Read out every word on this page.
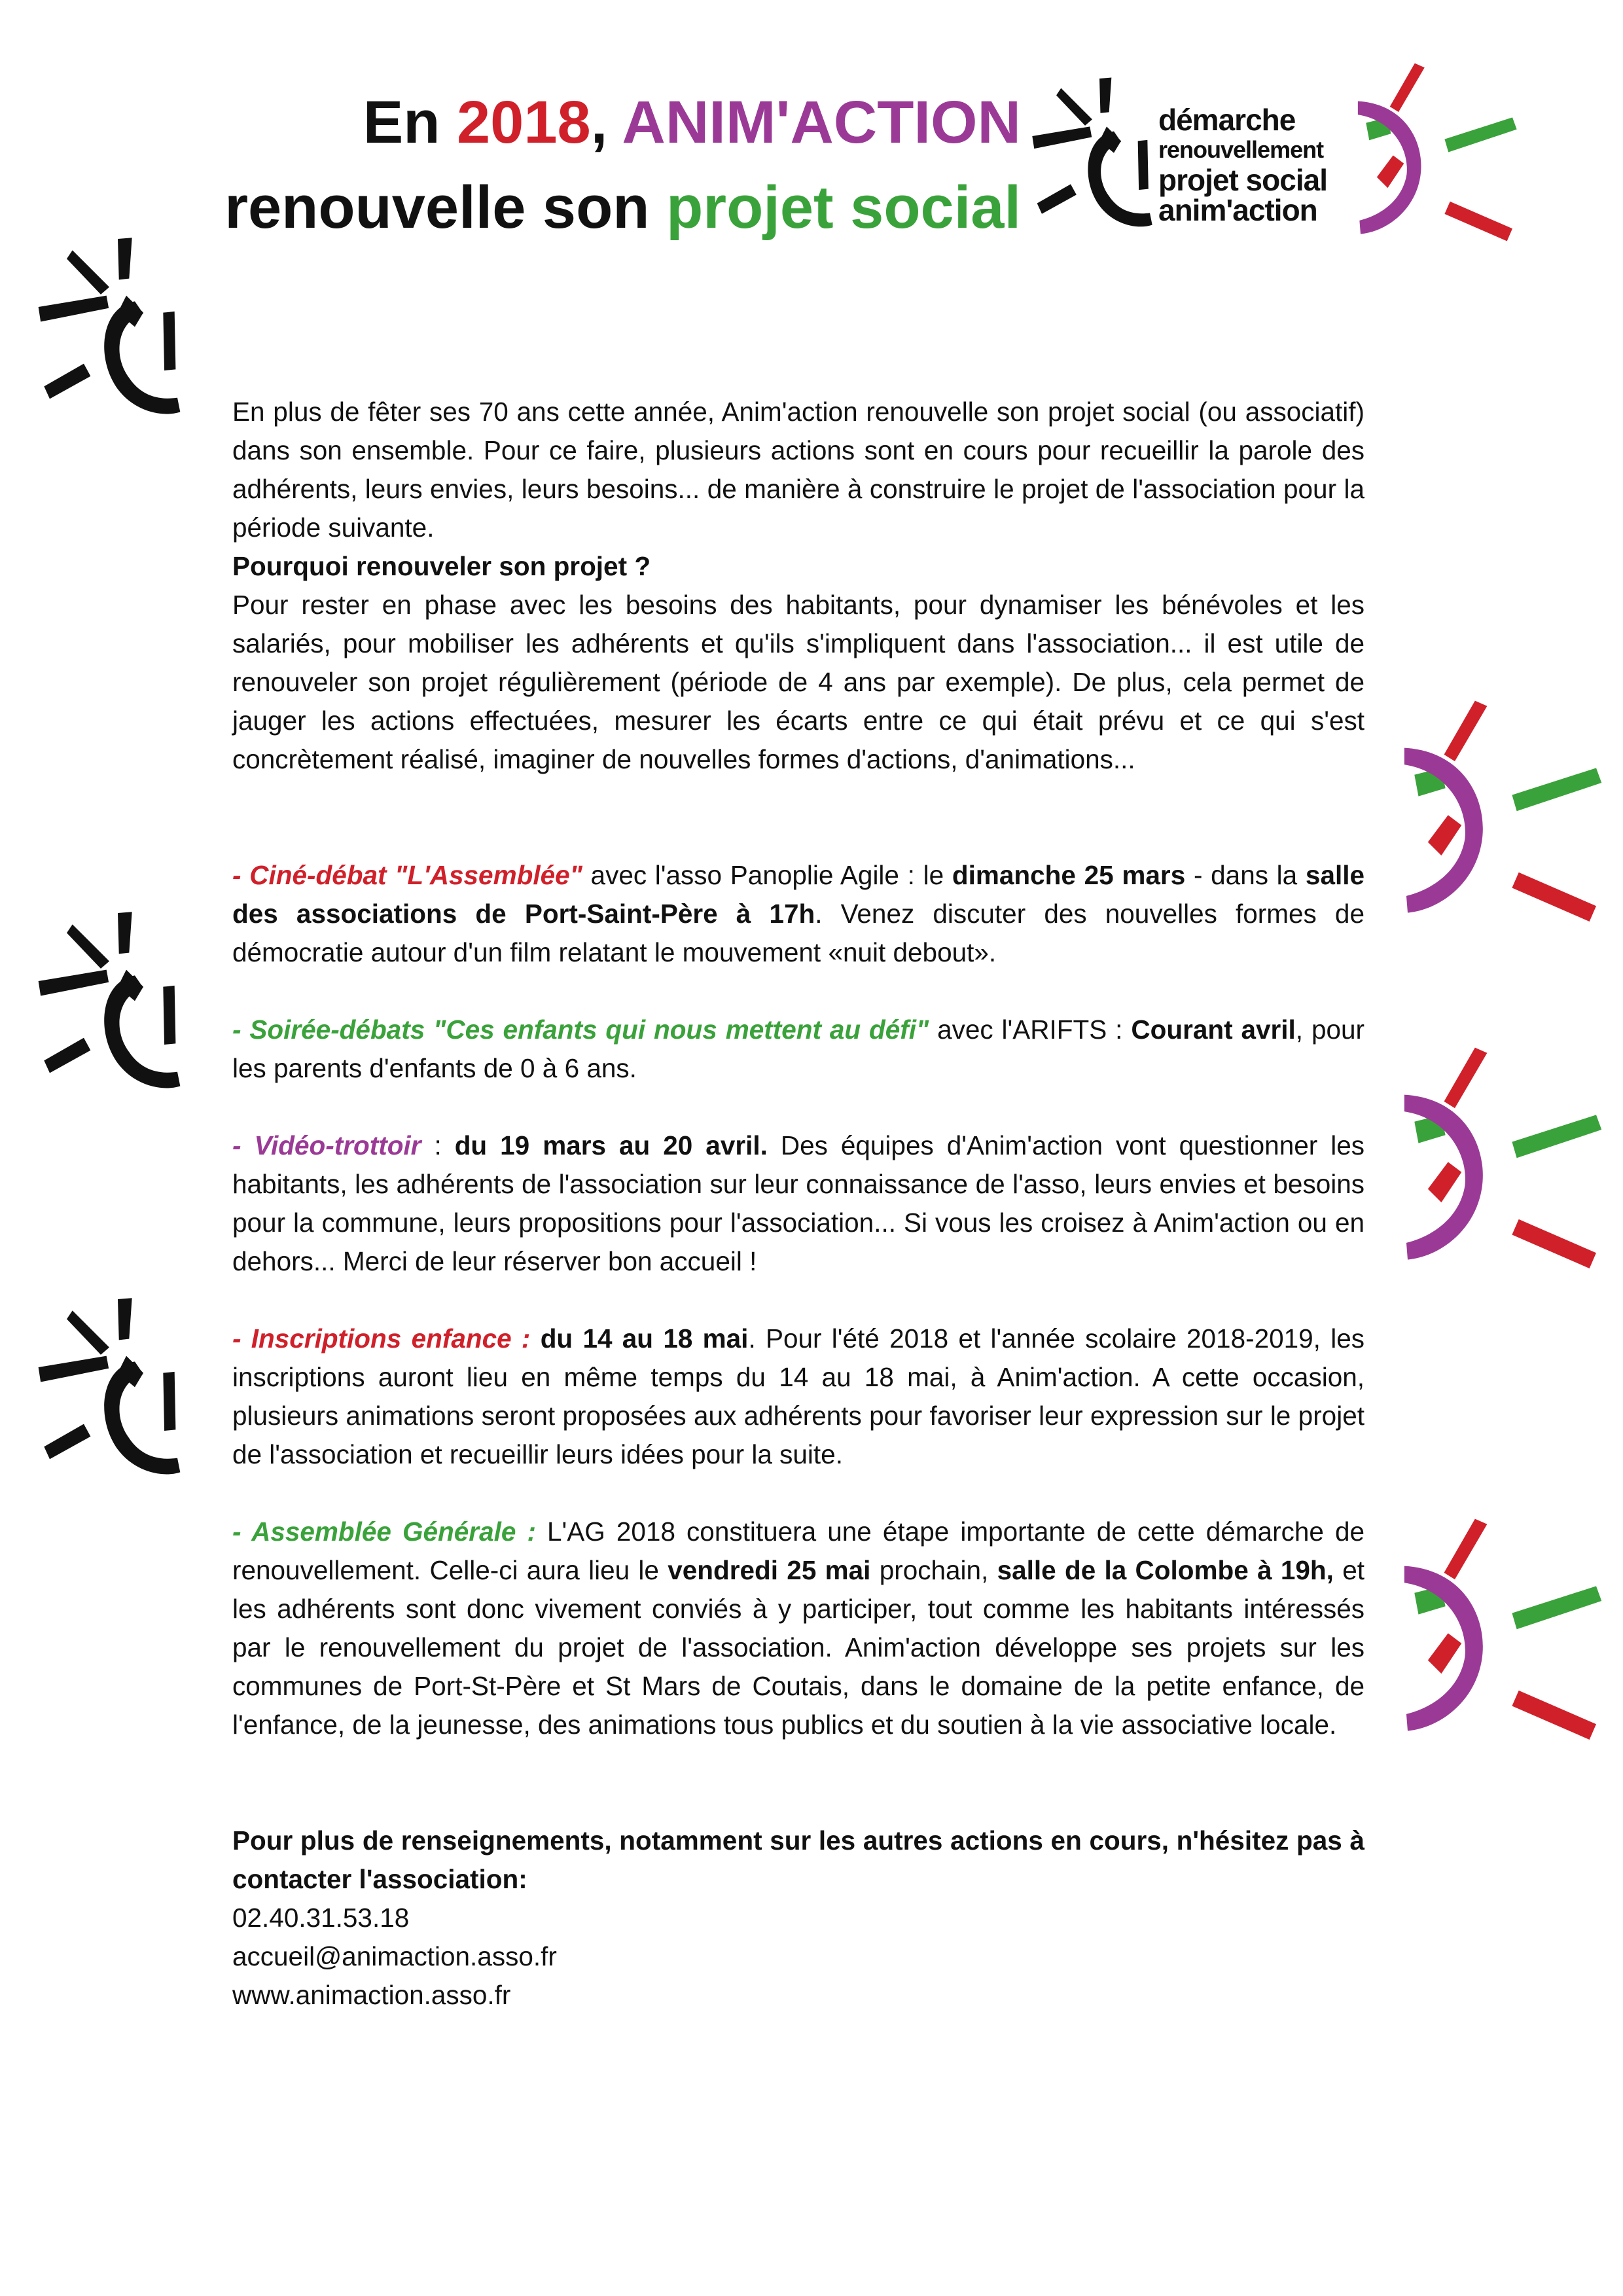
En 2018, ANIM'ACTION
renouvelle son projet social
démarche
renouvellement
projet social
anim'action

En plus de fêter ses 70 ans cette année, Anim'action renouvelle son projet social (ou associatif) dans son ensemble. Pour ce faire, plusieurs actions sont en cours pour recueillir la parole des adhérents, leurs envies, leurs besoins... de manière à construire le projet de l'association pour la période suivante.

Pourquoi renouveler son projet ?

Pour rester en phase avec les besoins des habitants, pour dynamiser les bénévoles et les salariés, pour mobiliser les adhérents et qu'ils s'impliquent dans l'association... il est utile de renouveler son projet régulièrement (période de 4 ans par exemple). De plus, cela permet de jauger les actions effectuées, mesurer les écarts entre ce qui était prévu et ce qui s'est concrètement réalisé, imaginer de nouvelles formes d'actions, d'animations...

- Ciné-débat "L'Assemblée" avec l'asso Panoplie Agile : le dimanche 25 mars - dans la salle des associations de Port-Saint-Père à 17h. Venez discuter des nouvelles formes de démocratie autour d'un film relatant le mouvement «nuit debout».

- Soirée-débats "Ces enfants qui nous mettent au défi" avec l'ARIFTS : Courant avril, pour les parents d'enfants de 0 à 6 ans.

- Vidéo-trottoir : du 19 mars au 20 avril. Des équipes d'Anim'action vont questionner les habitants, les adhérents de l'association sur leur connaissance de l'asso, leurs envies et besoins pour la commune, leurs propositions pour l'association... Si vous les croisez à Anim'action ou en dehors... Merci de leur réserver bon accueil !

- Inscriptions enfance : du 14 au 18 mai. Pour l'été 2018 et l'année scolaire 2018-2019, les inscriptions auront lieu en même temps du 14 au 18 mai, à Anim'action. A cette occasion, plusieurs animations seront proposées aux adhérents pour favoriser leur expression sur le projet de l'association et recueillir leurs idées pour la suite.

- Assemblée Générale : L'AG 2018 constituera une étape importante de cette démarche de renouvellement. Celle-ci aura lieu le vendredi 25 mai prochain, salle de la Colombe à 19h, et les adhérents sont donc vivement conviés à y participer, tout comme les habitants intéressés par le renouvellement du projet de l'association. Anim'action développe ses projets sur les communes de Port-St-Père et St Mars de Coutais, dans le domaine de la petite enfance, de l'enfance, de la jeunesse, des animations tous publics et du soutien à la vie associative locale.

Pour plus de renseignements, notamment sur les autres actions en cours, n'hésitez pas à contacter l'association:

02.40.31.53.18

accueil@animaction.asso.fr

www.animaction.asso.fr
